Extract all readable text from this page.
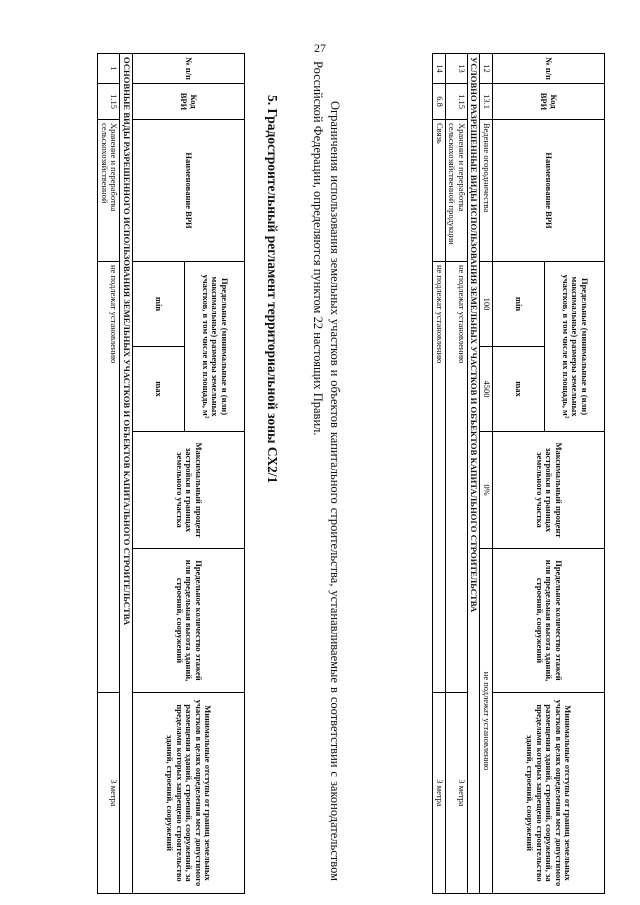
27
№ п/п	Код ВРИ	Наименование ВРИ	Предельные (минимальные и (или) максимальные) размеры земельных участков, в том числе их площадь, м²		Максимальный процент застройки в границах земельного участка	Предельное количество этажей или предельная высота зданий, строений, сооружений	Минимальные отступы от границ земельных участков в целях определения мест допустимого размещения зданий, строений, сооружений, за пределами которых запрещено строительство зданий, строений, сооружений
			min	max			
12	13.1	Ведение огородничества	100	4500	0%	не подлежат установлению	
УСЛОВНО РАЗРЕШЕННЫЕ ВИДЫ ИСПОЛЬЗОВАНИЯ ЗЕМЕЛЬНЫХ УЧАСТКОВ И ОБЪЕКТОВ КАПИТАЛЬНОГО СТРОИТЕЛЬСТВА							
13	1.15	Хранение и переработка сельскохозяйственной продукции	не подлежат установлению				3 метра
14	6.8	Связь	не подлежат установлению				3 метра
Ограничения использования земельных участков и объектов капитального строительства, устанавливаемые в соответствии с законодательством Российской Федерации, определяются пунктом 22 настоящих Правил.
5. Градостроительный регламент территориальной зоны СХ2/1
№ п/п	Код ВРИ	Наименование ВРИ	Предельные (минимальные и (или) максимальные) размеры земельных участков, в том числе их площадь, м²		Максимальный процент застройки в границах земельного участка	Предельное количество этажей или предельная высота зданий, строений, сооружений	Минимальные отступы от границ земельных участков в целях определения мест допустимого размещения зданий, строений, сооружений, за пределами которых запрещено строительство зданий, строений, сооружений
			min	max			
ОСНОВНЫЕ ВИДЫ РАЗРЕШЕННОГО ИСПОЛЬЗОВАНИЯ ЗЕМЕЛЬНЫХ УЧАСТКОВ И ОБЪЕКТОВ КАПИТАЛЬНОГО СТРОИТЕЛЬСТВА							
1	1.15	Хранение и переработка сельскохозяйственной	не подлежат установлению				3 метра
